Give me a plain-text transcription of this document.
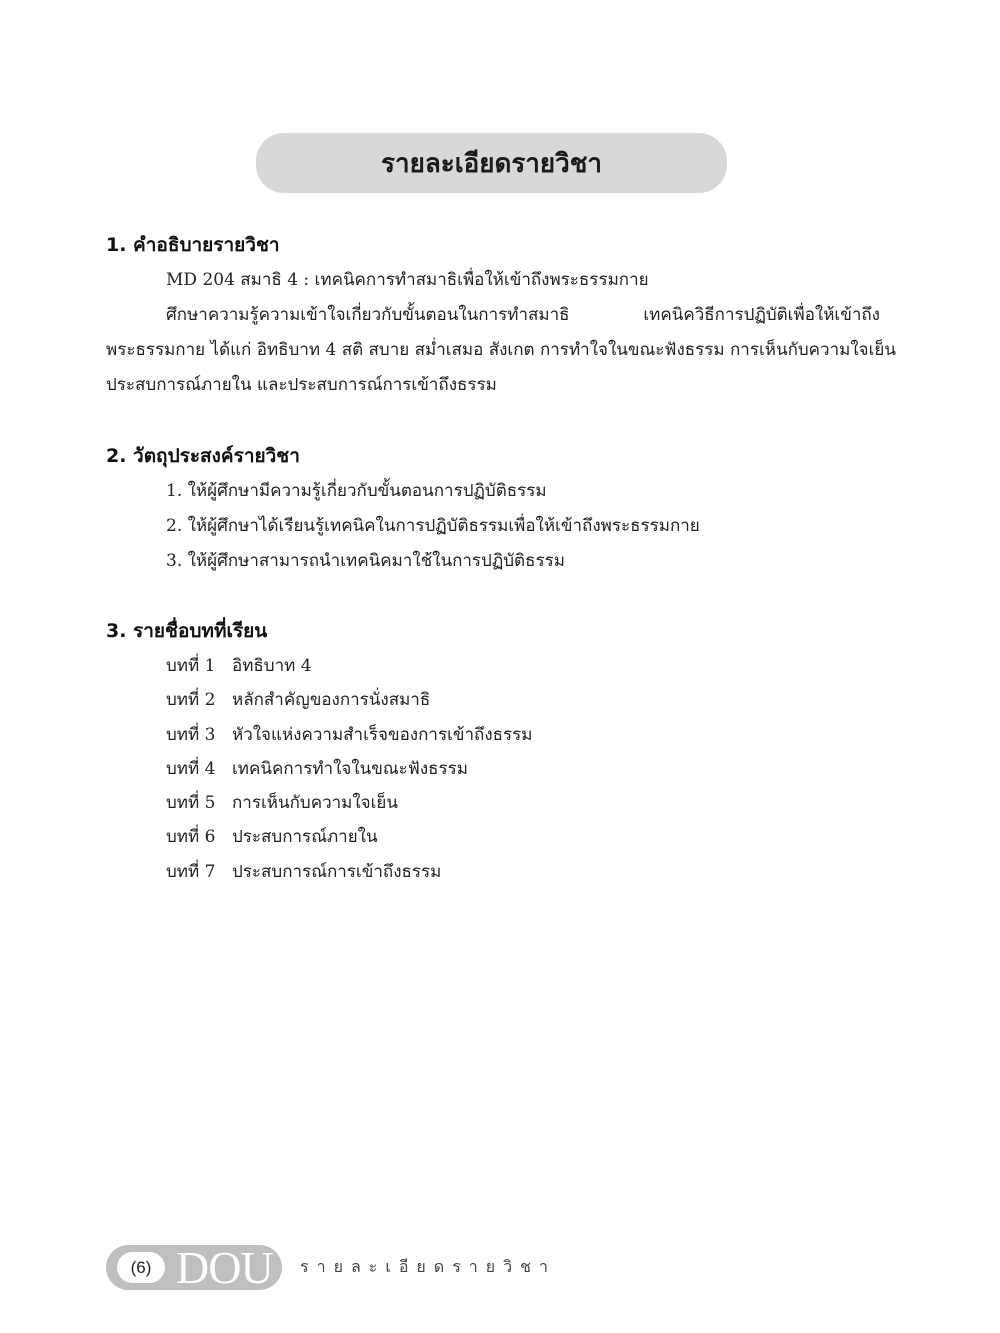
รายละเอียดรายวิชา
1. คำอธิบายรายวิชา
MD 204 สมาธิ 4 : เทคนิคการทำสมาธิเพื่อให้เข้าถึงพระธรรมกาย
ศึกษาความรู้ความเข้าใจเกี่ยวกับขั้นตอนในการทำสมาธิ เทคนิควิธีการปฏิบัติเพื่อให้เข้าถึง
พระธรรมกาย ได้แก่ อิทธิบาท 4 สติ สบาย สม่ำเสมอ สังเกต การทำใจในขณะฟังธรรม การเห็นกับความใจเย็น
ประสบการณ์ภายใน และประสบการณ์การเข้าถึงธรรม
2. วัตถุประสงค์รายวิชา
1. ให้ผู้ศึกษามีความรู้เกี่ยวกับขั้นตอนการปฏิบัติธรรม
2. ให้ผู้ศึกษาได้เรียนรู้เทคนิคในการปฏิบัติธรรมเพื่อให้เข้าถึงพระธรรมกาย
3. ให้ผู้ศึกษาสามารถนำเทคนิคมาใช้ในการปฏิบัติธรรม
3. รายชื่อบทที่เรียน
บทที่ 1 อิทธิบาท 4
บทที่ 2 หลักสำคัญของการนั่งสมาธิ
บทที่ 3 หัวใจแห่งความสำเร็จของการเข้าถึงธรรม
บทที่ 4 เทคนิคการทำใจในขณะฟังธรรม
บทที่ 5 การเห็นกับความใจเย็น
บทที่ 6 ประสบการณ์ภายใน
บทที่ 7 ประสบการณ์การเข้าถึงธรรม
(6) DOU รายละเอียดรายวิชา
